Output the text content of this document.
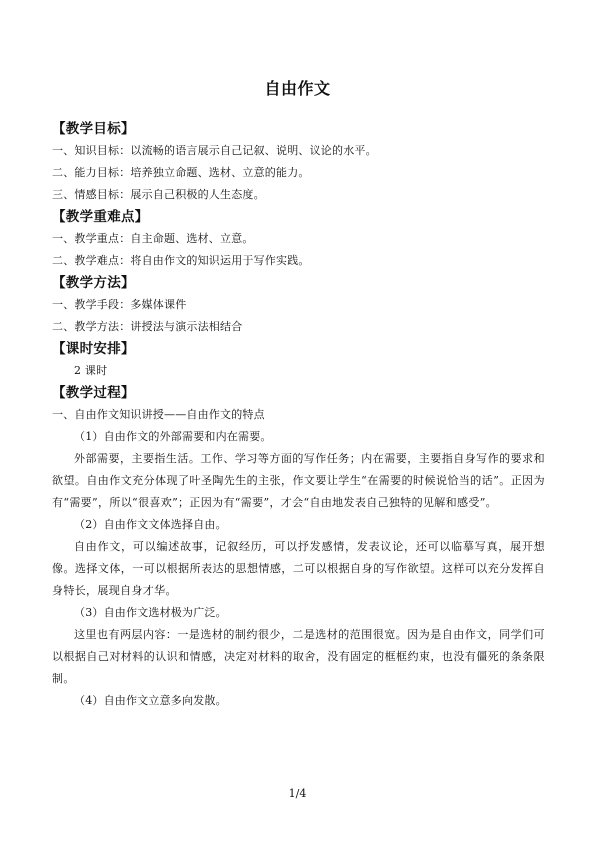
自由作文
【教学目标】
一、知识目标：以流畅的语言展示自己记叙、说明、议论的水平。
二、能力目标：培养独立命题、选材、立意的能力。
三、情感目标：展示自己积极的人生态度。
【教学重难点】
一、教学重点：自主命题、选材、立意。
二、教学难点：将自由作文的知识运用于写作实践。
【教学方法】
一、教学手段：多媒体课件
二、教学方法：讲授法与演示法相结合
【课时安排】
2 课时
【教学过程】
一、自由作文知识讲授——自由作文的特点
（1）自由作文的外部需要和内在需要。
外部需要，主要指生活。工作、学习等方面的写作任务；内在需要，主要指自身写作的要求和欲望。自由作文充分体现了叶圣陶先生的主张，作文要让学生“在需要的时候说恰当的话”。正因为有“需要”，所以“很喜欢”；正因为有“需要”，才会“自由地发表自己独特的见解和感受”。
（2）自由作文文体选择自由。
自由作文，可以编述故事，记叙经历，可以抒发感情，发表议论，还可以临摹写真，展开想像。选择文体，一可以根据所表达的思想情感，二可以根据自身的写作欲望。这样可以充分发挥自身特长，展现自身才华。
（3）自由作文选材极为广泛。
这里也有两层内容：一是选材的制约很少，二是选材的范围很宽。因为是自由作文，同学们可以根据自己对材料的认识和情感，决定对材料的取舍，没有固定的框框约束，也没有僵死的条条限制。
（4）自由作文立意多向发散。
1/4
